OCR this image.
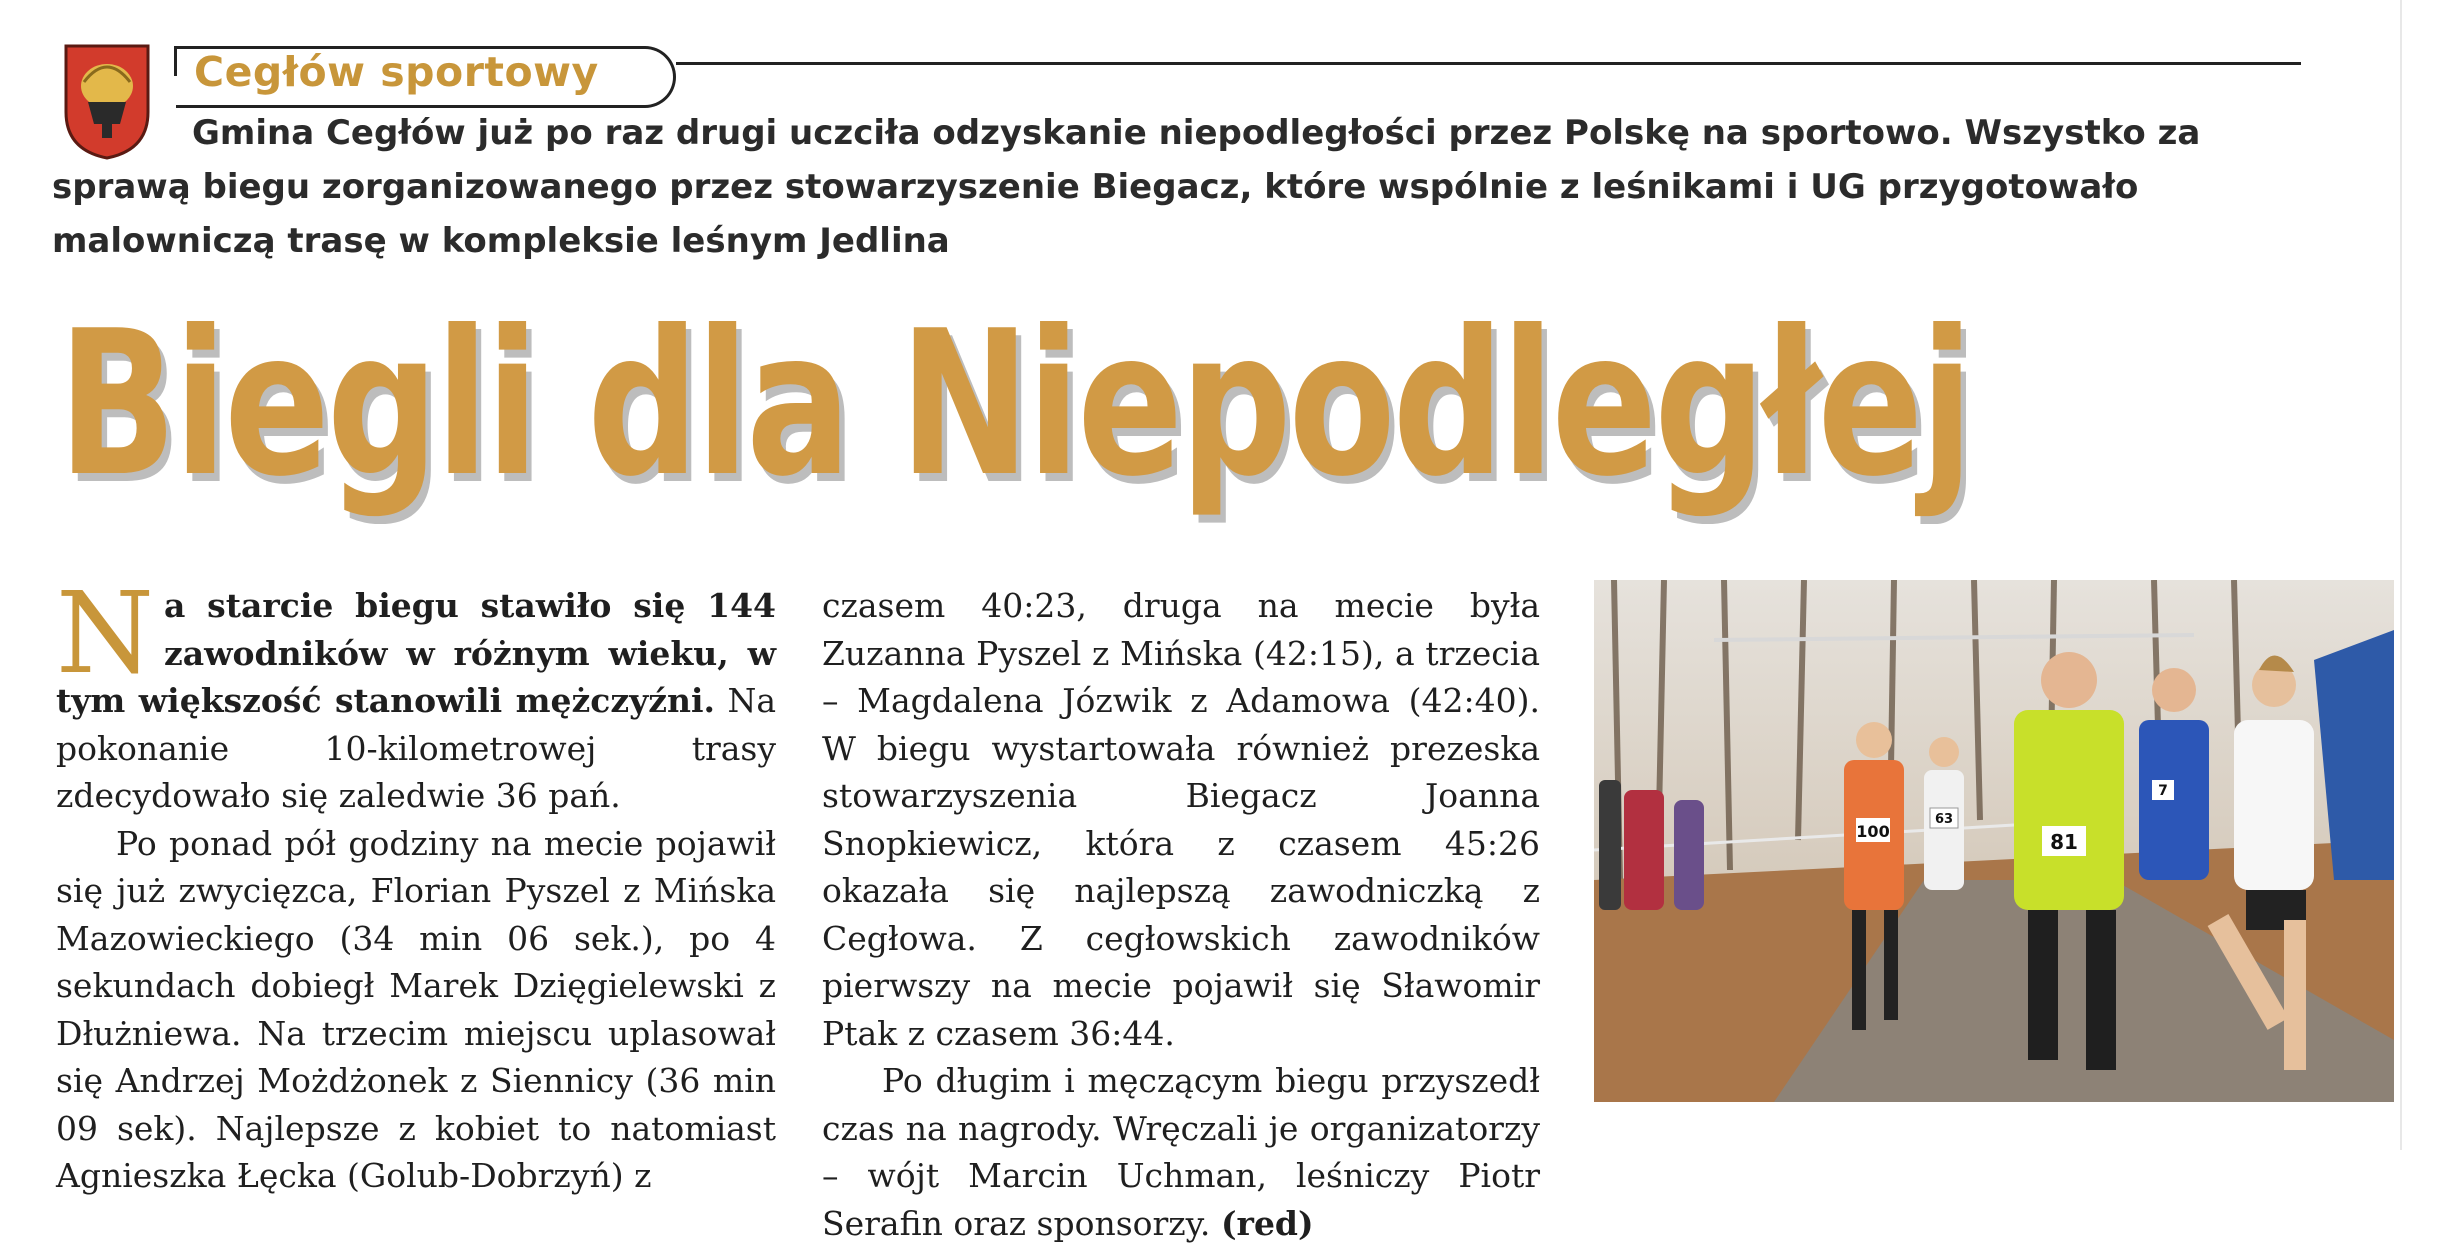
Cegłów sportowy

Gmina Cegłów już po raz drugi uczciła odzyskanie niepodległości przez Polskę na sportowo. Wszystko za sprawą biegu zorganizowanego przez stowarzyszenie Biegacz, które wspólnie z leśnikami i UG przygotowało malowniczą trasę w kompleksie leśnym Jedlina

Biegli dla Niepodległej

Na starcie biegu stawiło się 144 zawodników w różnym wieku, w tym większość stanowili mężczyźni. Na pokonanie 10-kilometrowej trasy zdecydowało się zaledwie 36 pań.

Po ponad pół godziny na mecie pojawił się już zwycięzca, Florian Pyszel z Mińska Mazowieckiego (34 min 06 sek.), po 4 sekundach dobiegł Marek Dzięgielewski z Dłużniewa. Na trzecim miejscu uplasował się Andrzej Możdżonek z Siennicy (36 min 09 sek). Najlepsze z kobiet to natomiast Agnieszka Łęcka (Golub-Dobrzyń) z

czasem 40:23, druga na mecie była Zuzanna Pyszel z Mińska (42:15), a trzecia – Magdalena Józwik z Adamowa (42:40). W biegu wystartowała również prezeska stowarzyszenia Biegacz Joanna Snopkiewicz, która z czasem 45:26 okazała się najlepszą zawodniczką z Cegłowa. Z cegłowskich zawodników pierwszy na mecie pojawił się Sławomir Ptak z czasem 36:44.

Po długim i męczącym biegu przyszedł czas na nagrody. Wręczali je organizatorzy – wójt Marcin Uchman, leśniczy Piotr Serafin oraz sponsorzy. (red)

100
63
81
7
